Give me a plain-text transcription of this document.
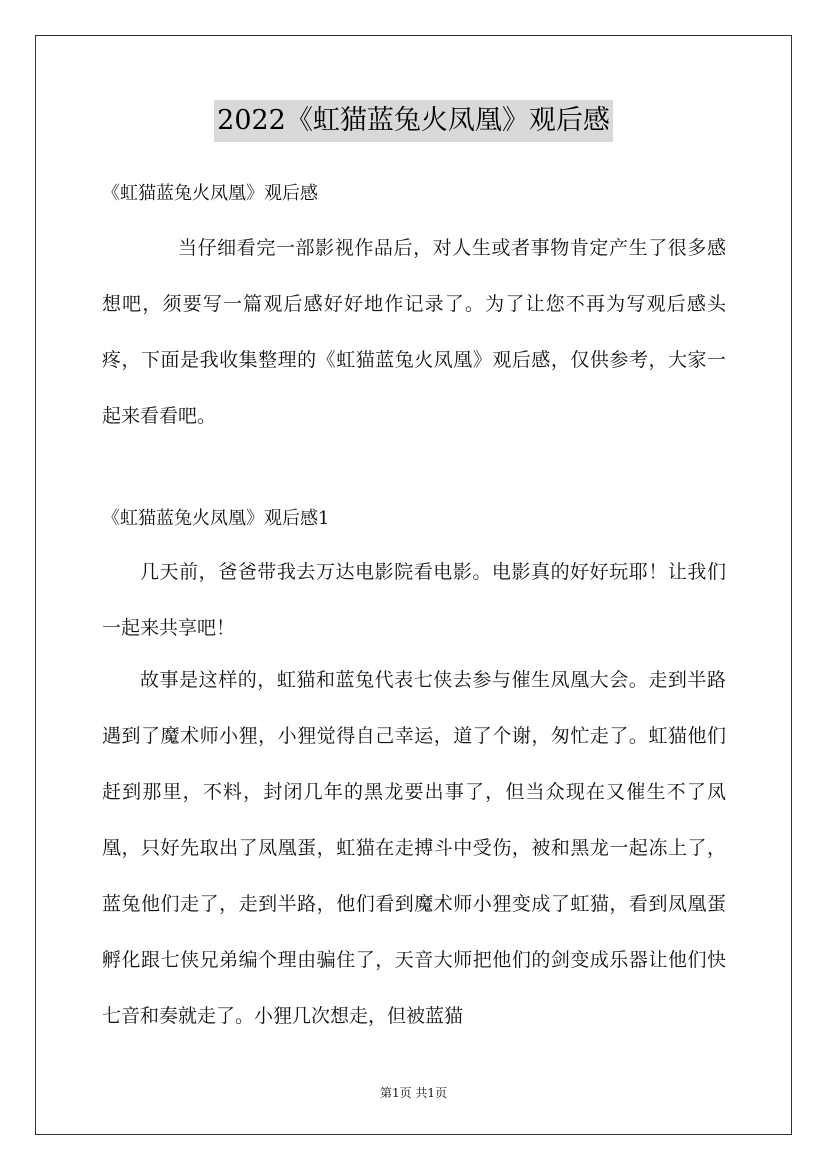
2022《虹猫蓝兔火凤凰》观后感
《虹猫蓝兔火凤凰》观后感
当仔细看完一部影视作品后，对人生或者事物肯定产生了很多感想吧，须要写一篇观后感好好地作记录了。为了让您不再为写观后感头疼，下面是我收集整理的《虹猫蓝兔火凤凰》观后感，仅供参考，大家一起来看看吧。
《虹猫蓝兔火凤凰》观后感1
几天前，爸爸带我去万达电影院看电影。电影真的好好玩耶！让我们一起来共享吧！
故事是这样的，虹猫和蓝兔代表七侠去参与催生凤凰大会。走到半路遇到了魔术师小狸，小狸觉得自己幸运，道了个谢，匆忙走了。虹猫他们赶到那里，不料，封闭几年的黑龙要出事了，但当众现在又催生不了凤凰，只好先取出了凤凰蛋，虹猫在走搏斗中受伤，被和黑龙一起冻上了，蓝兔他们走了，走到半路，他们看到魔术师小狸变成了虹猫，看到凤凰蛋孵化跟七侠兄弟编个理由骗住了，天音大师把他们的剑变成乐器让他们快七音和奏就走了。小狸几次想走，但被蓝猫
第1页 共1页
